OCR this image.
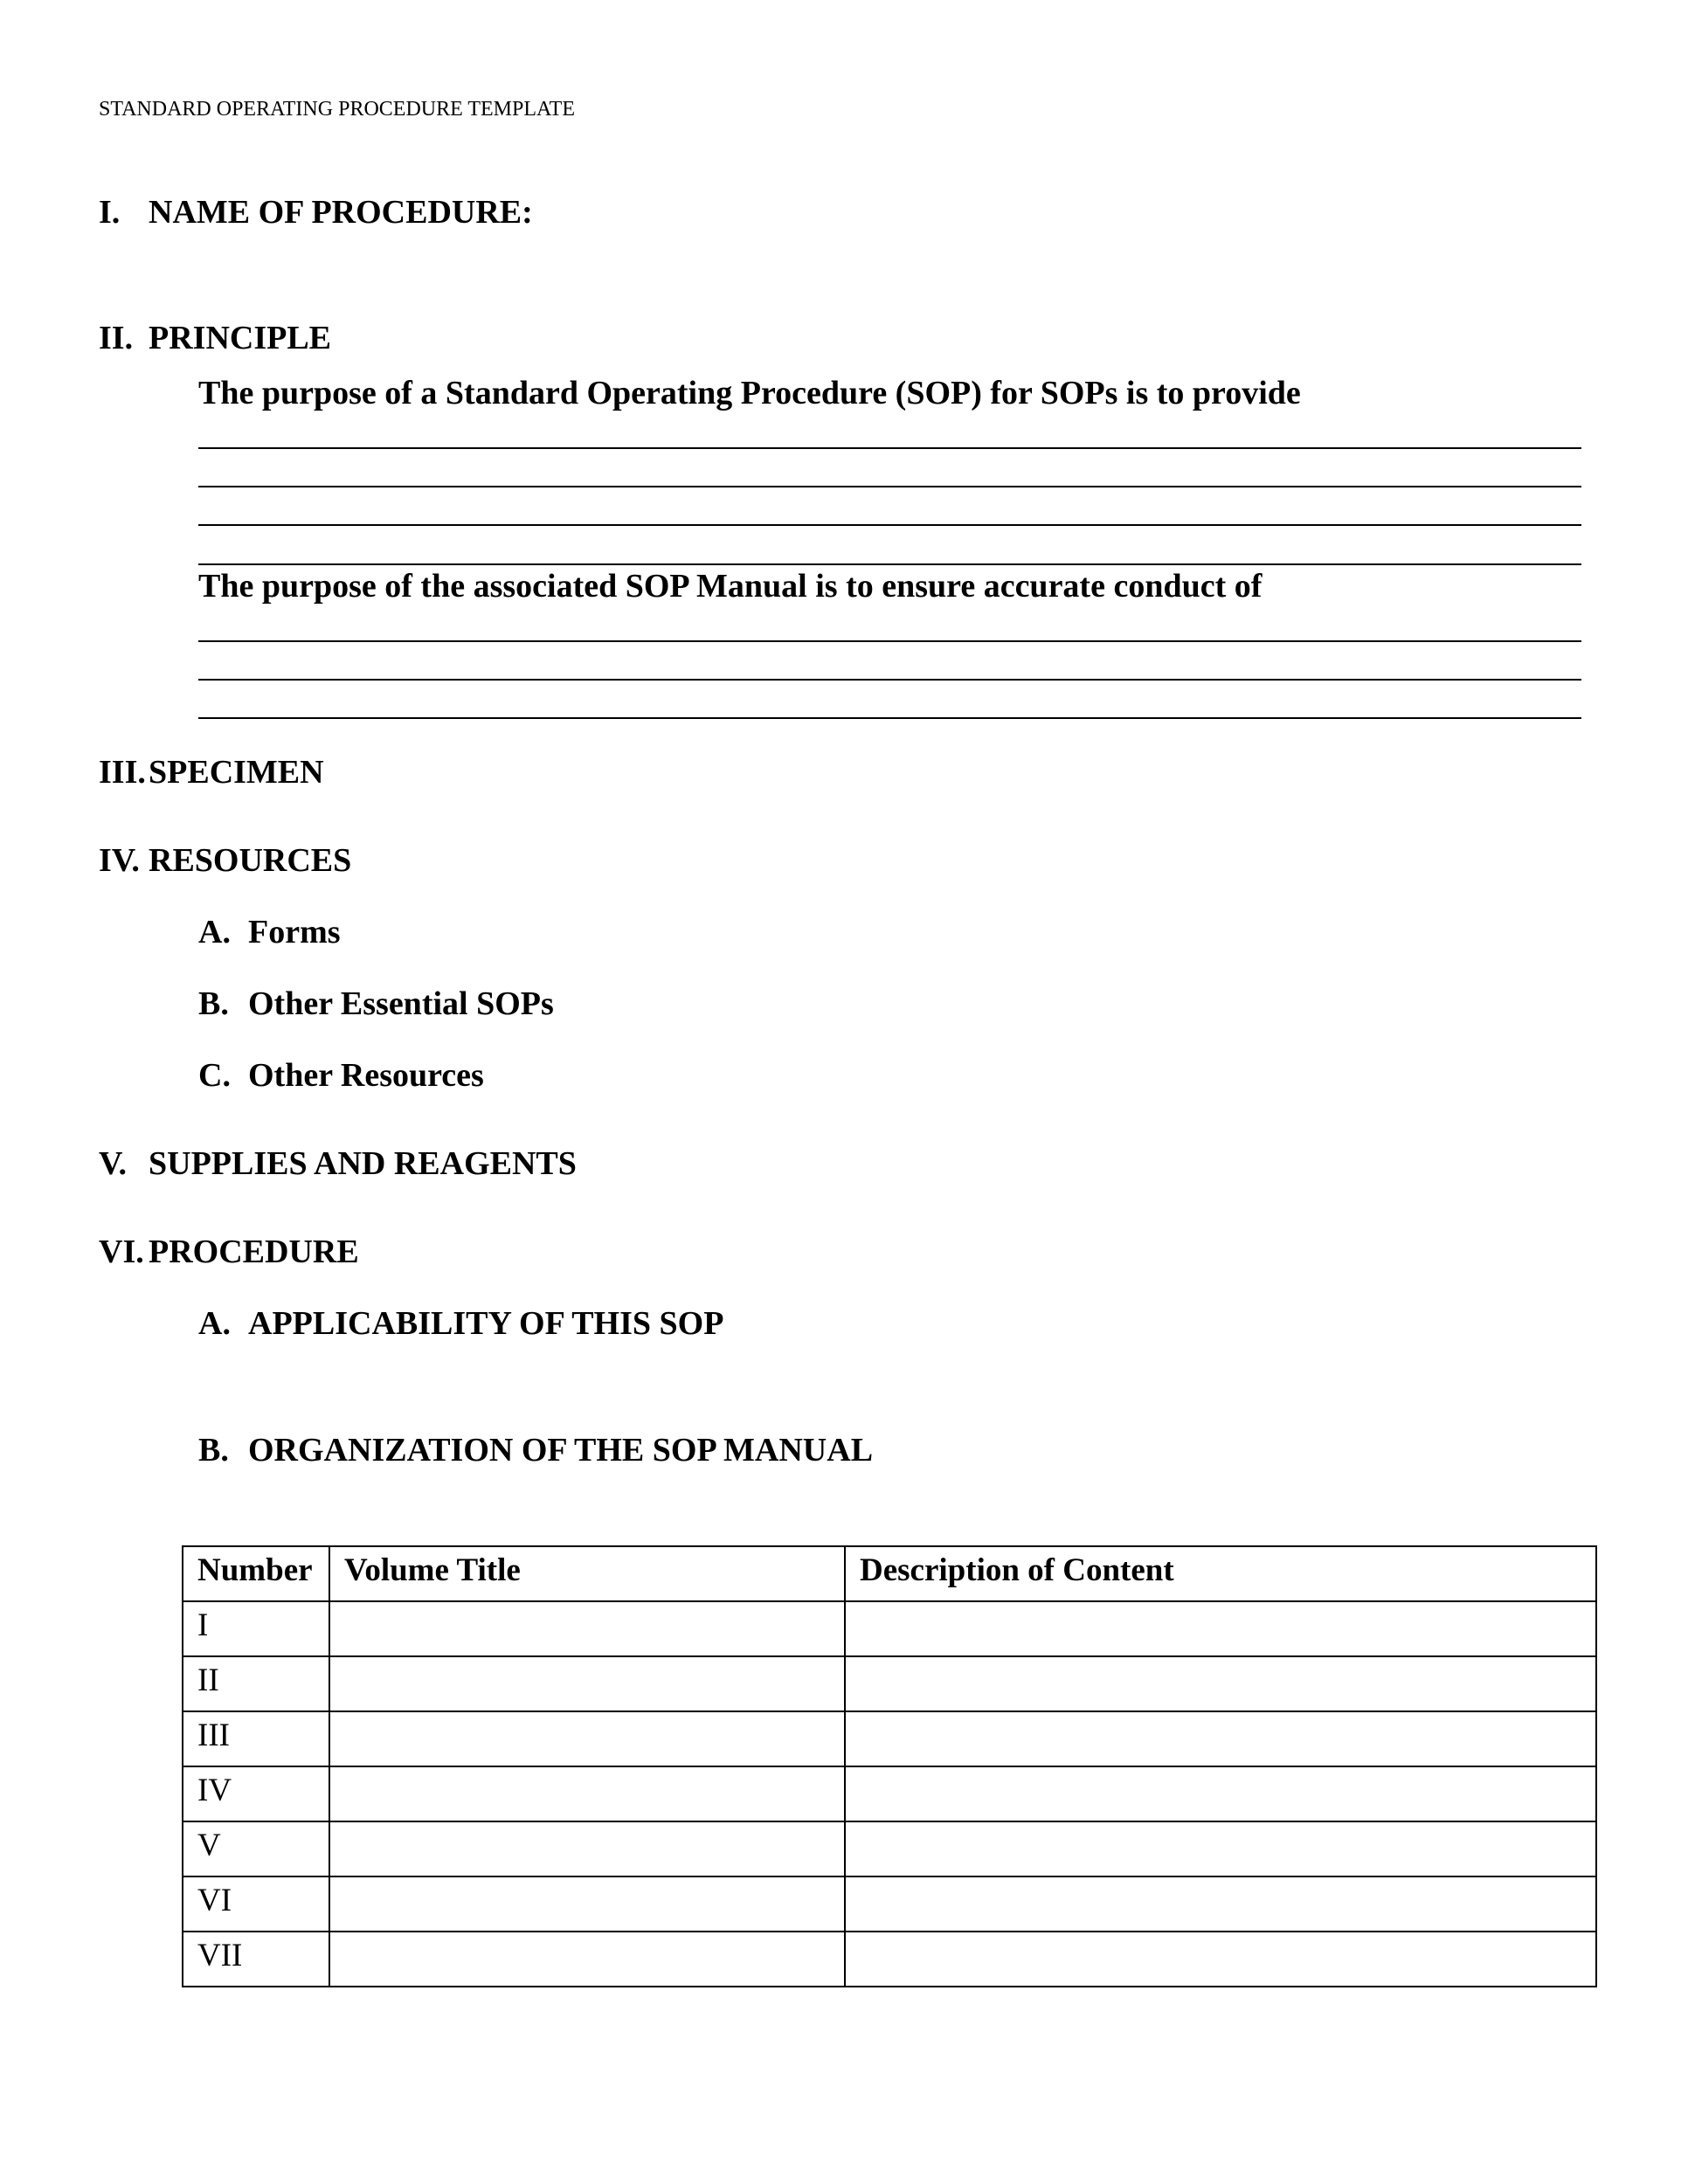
STANDARD OPERATING PROCEDURE TEMPLATE
I. NAME OF PROCEDURE:
II. PRINCIPLE
The purpose of a Standard Operating Procedure (SOP) for SOPs is to provide
The purpose of the associated SOP Manual is to ensure accurate conduct of
III.SPECIMEN
IV. RESOURCES
A. Forms
B. Other Essential SOPs
C. Other Resources
V. SUPPLIES AND REAGENTS
VI. PROCEDURE
A. APPLICABILITY OF THIS SOP
B. ORGANIZATION OF THE SOP MANUAL
Number	Volume Title	Description of Content
I		
II		
III		
IV		
V		
VI		
VII		
